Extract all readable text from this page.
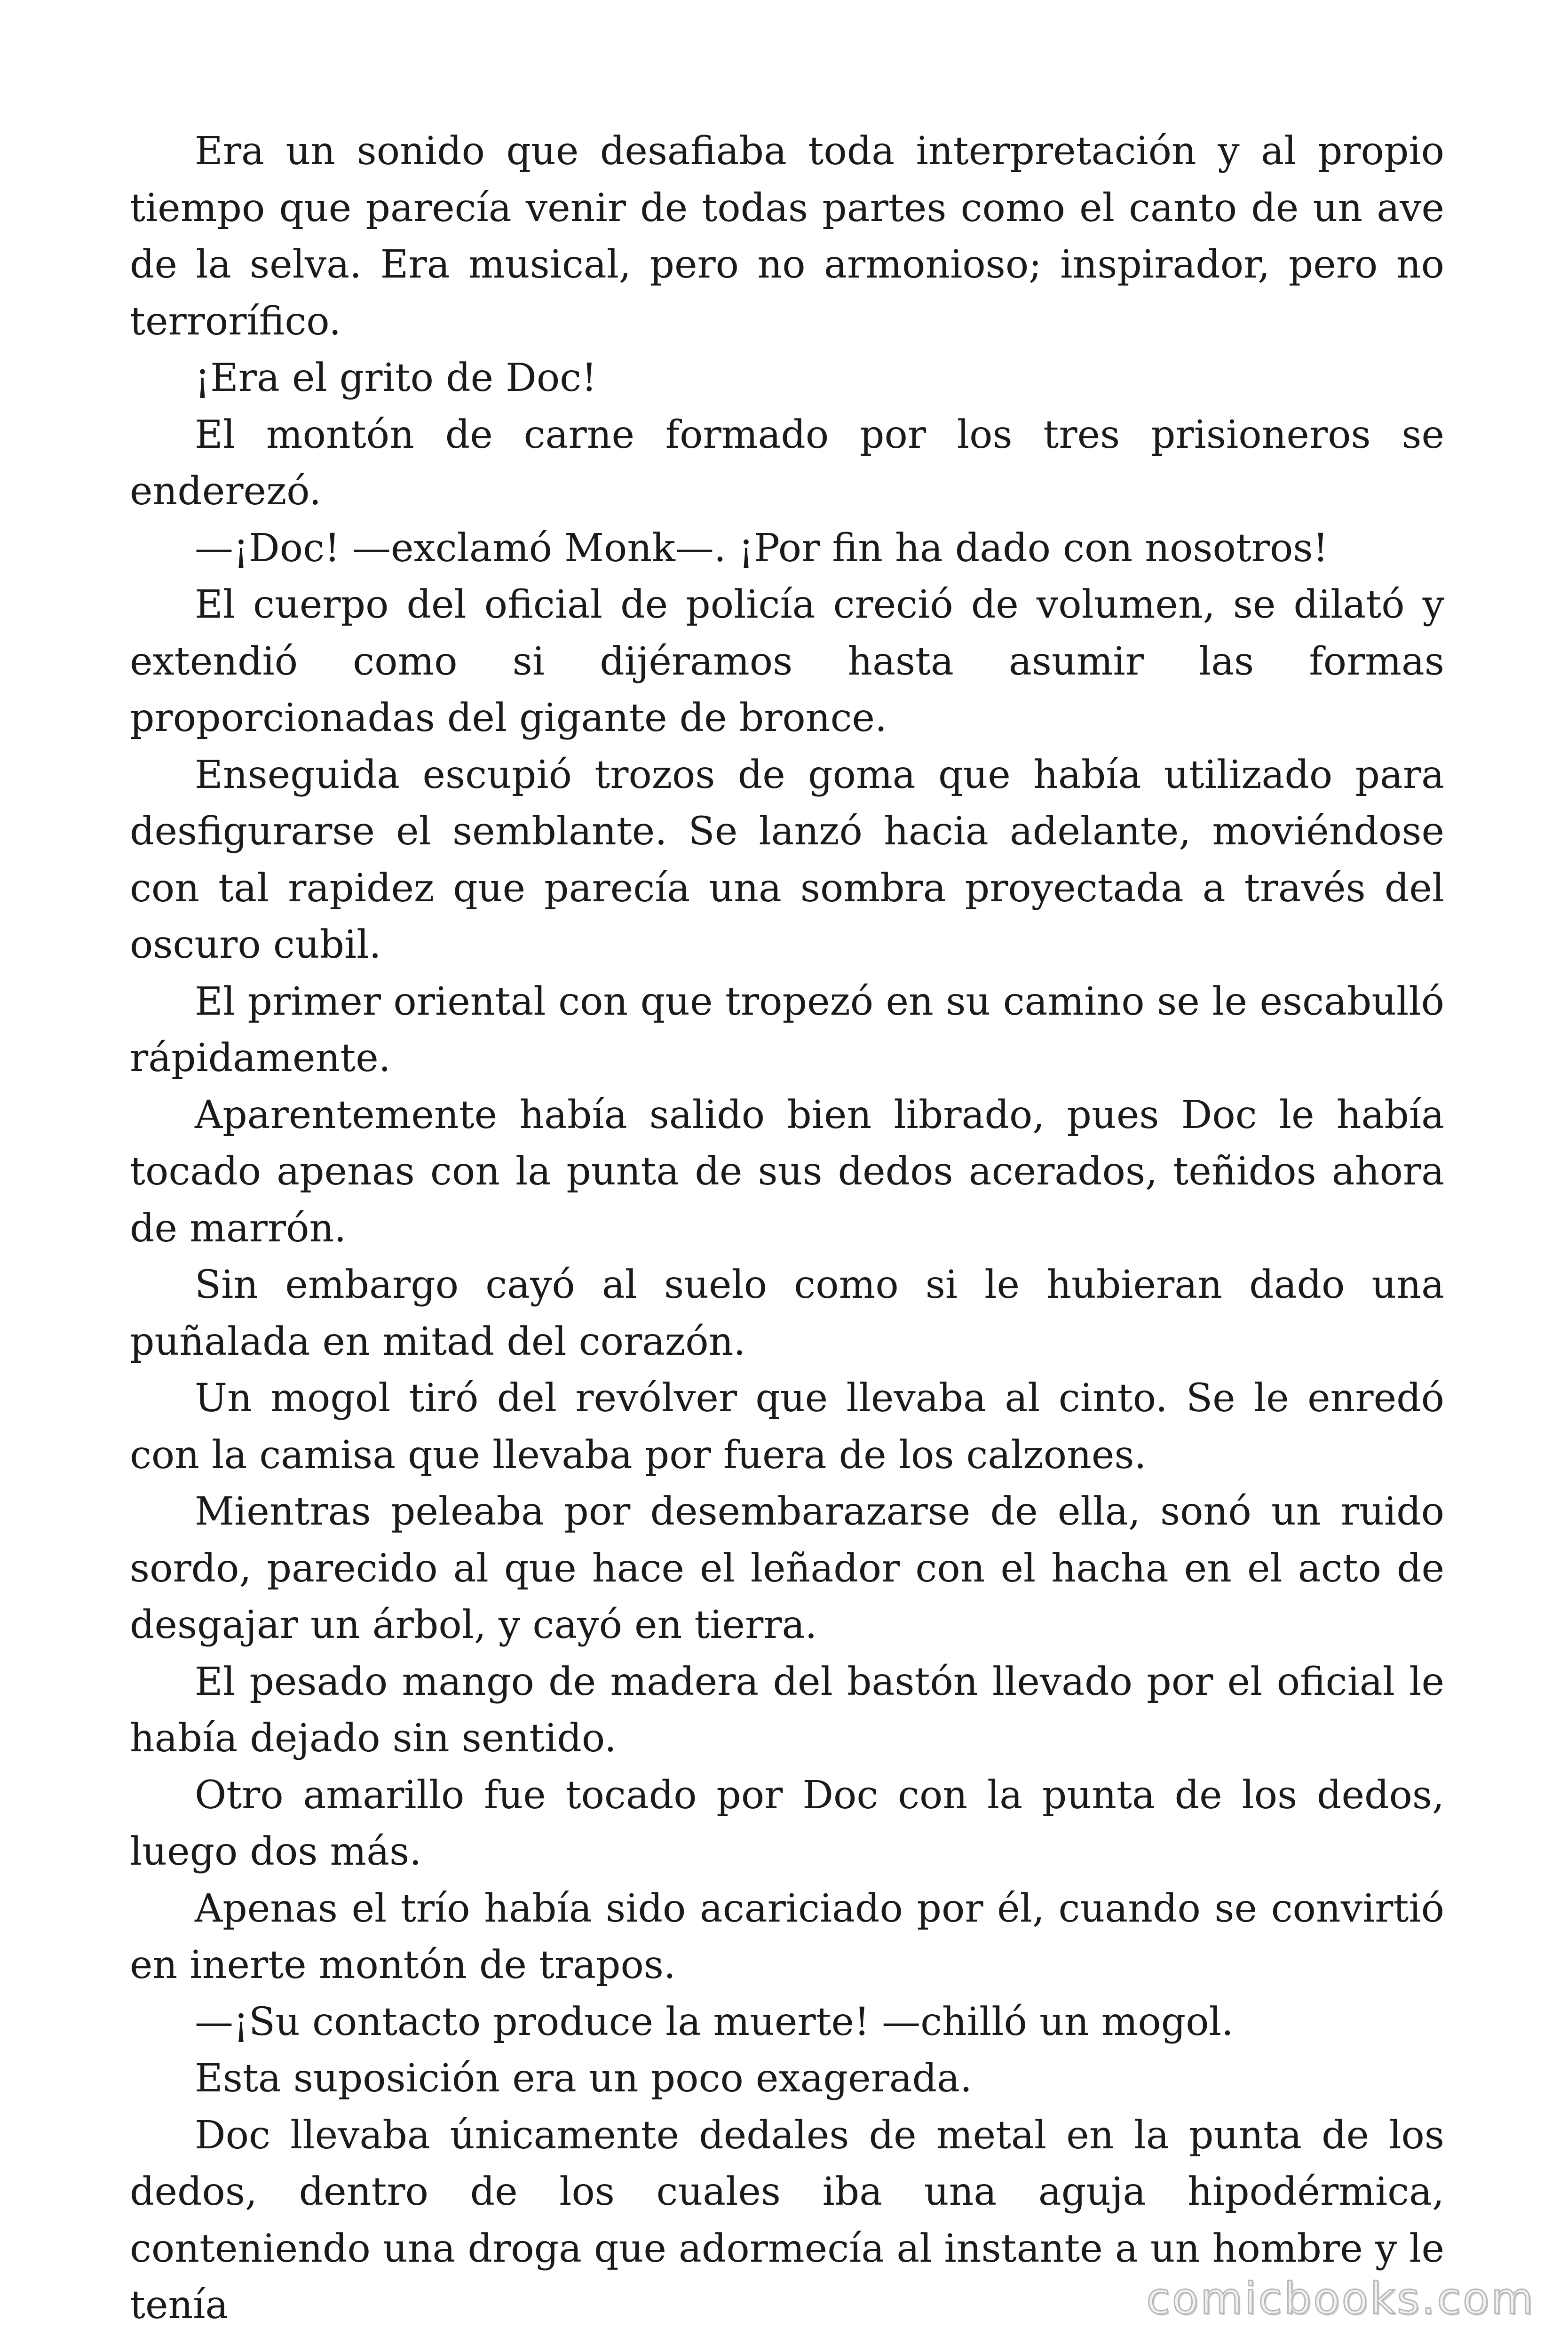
Era un sonido que desafiaba toda interpretación y al propio tiempo que parecía venir de todas partes como el canto de un ave de la selva. Era musical, pero no armonioso; inspirador, pero no terrorífico.

¡Era el grito de Doc!

El montón de carne formado por los tres prisioneros se enderezó.

—¡Doc! —exclamó Monk—. ¡Por fin ha dado con nosotros!

El cuerpo del oficial de policía creció de volumen, se dilató y extendió como si dijéramos hasta asumir las formas proporcionadas del gigante de bronce.

Enseguida escupió trozos de goma que había utilizado para desfigurarse el semblante. Se lanzó hacia adelante, moviéndose con tal rapidez que parecía una sombra proyectada a través del oscuro cubil.

El primer oriental con que tropezó en su camino se le escabulló rápidamente.

Aparentemente había salido bien librado, pues Doc le había tocado apenas con la punta de sus dedos acerados, teñidos ahora de marrón.

Sin embargo cayó al suelo como si le hubieran dado una puñalada en mitad del corazón.

Un mogol tiró del revólver que llevaba al cinto. Se le enredó con la camisa que llevaba por fuera de los calzones.

Mientras peleaba por desembarazarse de ella, sonó un ruido sordo, parecido al que hace el leñador con el hacha en el acto de desgajar un árbol, y cayó en tierra.

El pesado mango de madera del bastón llevado por el oficial le había dejado sin sentido.

Otro amarillo fue tocado por Doc con la punta de los dedos, luego dos más.

Apenas el trío había sido acariciado por él, cuando se convirtió en inerte montón de trapos.

—¡Su contacto produce la muerte! —chilló un mogol.

Esta suposición era un poco exagerada.

Doc llevaba únicamente dedales de metal en la punta de los dedos, dentro de los cuales iba una aguja hipodérmica, conteniendo una droga que adormecía al instante a un hombre y le tenía	comicbooks.com
